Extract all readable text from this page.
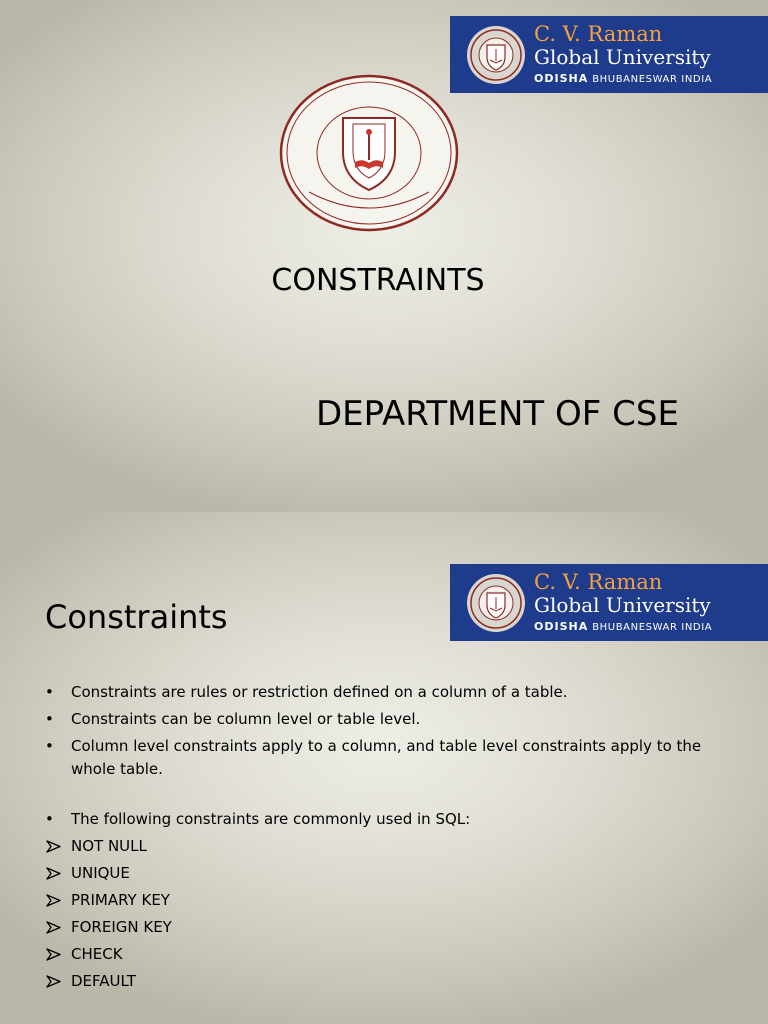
C. V. Raman
Global University
ODISHA BHUBANESWAR INDIA
CONSTRAINTS
DEPARTMENT OF CSE
C. V. Raman
Global University
ODISHA BHUBANESWAR INDIA
Constraints
•	Constraints are rules or restriction defined on a column of a table.
•	Constraints can be column level or table level.
•	Column level constraints apply to a column, and table level constraints apply to the whole table.
•	The following constraints are commonly used in SQL:
NOT NULL
UNIQUE
PRIMARY KEY
FOREIGN KEY
CHECK
DEFAULT
